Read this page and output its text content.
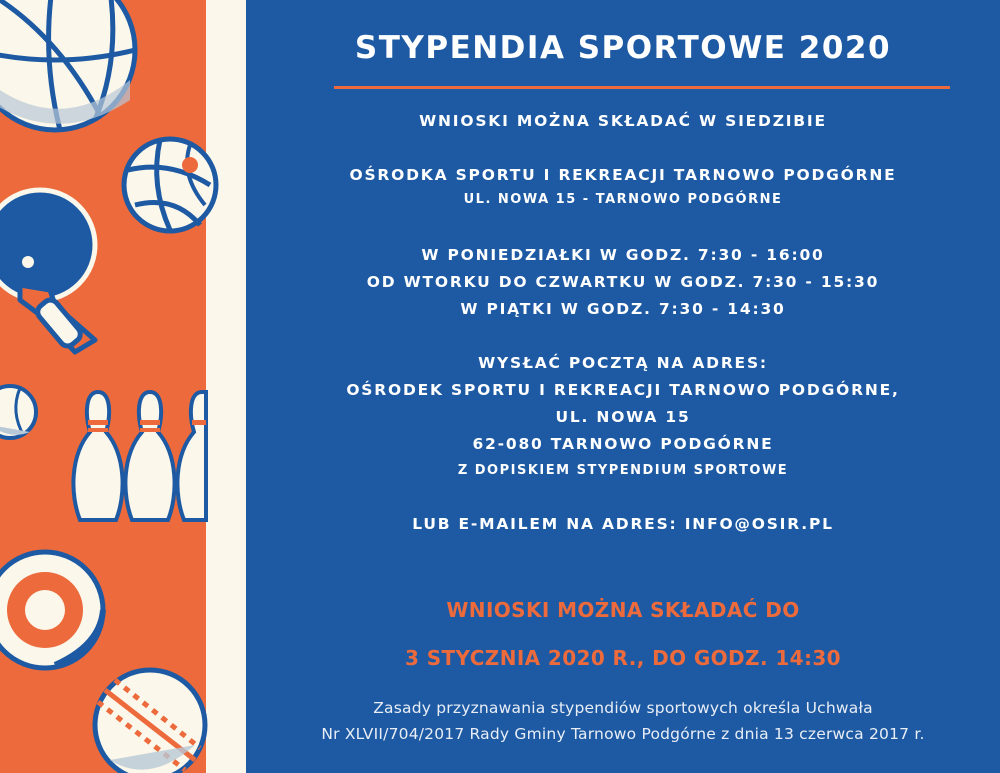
STYPENDIA SPORTOWE 2020
WNIOSKI MOŻNA SKŁADAĆ W SIEDZIBIE
OŚRODKA SPORTU I REKREACJI TARNOWO PODGÓRNE
UL. NOWA 15 - TARNOWO PODGÓRNE
W PONIEDZIAŁKI W GODZ. 7:30 - 16:00
OD WTORKU DO CZWARTKU W GODZ. 7:30 - 15:30
W PIĄTKI W GODZ. 7:30 - 14:30
WYSŁAĆ POCZTĄ NA ADRES:
OŚRODEK SPORTU I REKREACJI TARNOWO PODGÓRNE,
UL. NOWA 15
62-080 TARNOWO PODGÓRNE
Z DOPISKIEM STYPENDIUM SPORTOWE
LUB E-MAILEM NA ADRES: INFO@OSIR.PL
WNIOSKI MOŻNA SKŁADAĆ DO
3 STYCZNIA 2020 R., DO GODZ. 14:30
Zasady przyznawania stypendiów sportowych określa Uchwała
Nr XLVII/704/2017 Rady Gminy Tarnowo Podgórne z dnia 13 czerwca 2017 r.
